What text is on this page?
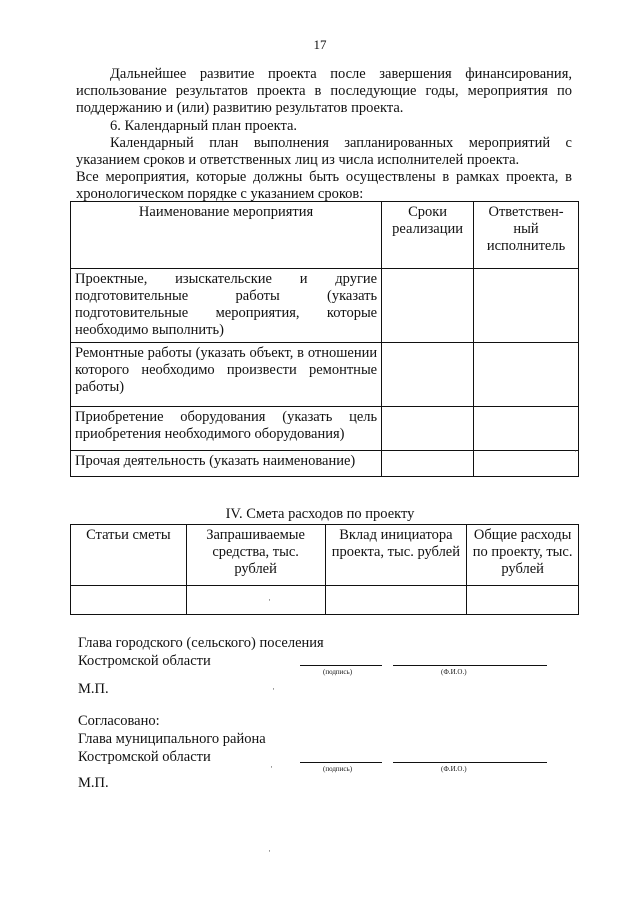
17
Дальнейшее развитие проекта после завершения финансирования, использование результатов проекта в последующие годы, мероприятия по поддержанию и (или) развитию результатов проекта.
6. Календарный план проекта.
Календарный план выполнения запланированных мероприятий с указанием сроков и ответственных лиц из числа исполнителей проекта.
Все мероприятия, которые должны быть осуществлены в рамках проекта, в хронологическом порядке с указанием сроков:
Наименование мероприятия	Сроки реализации	Ответствен-ный исполнитель
Проектные, изыскательские и другие подготовительные работы (указать подготовительные мероприятия, которые необходимо выполнить)		
Ремонтные работы (указать объект, в отношении которого необходимо произвести ремонтные работы)		
Приобретение оборудования (указать цель приобретения необходимого оборудования)		
Прочая деятельность (указать наименование)		
IV. Смета расходов по проекту
Статьи сметы	Запрашиваемые средства, тыс. рублей	Вклад инициатора проекта, тыс. рублей	Общие расходы по проекту, тыс. рублей

Глава городского (сельского) поселения
Костромской области
(подпись)	(Ф.И.О.)
М.П.
Согласовано:
Глава муниципального района
Костромской области
(подпись)	(Ф.И.О.)
М.П.
·
·
·
·
·
